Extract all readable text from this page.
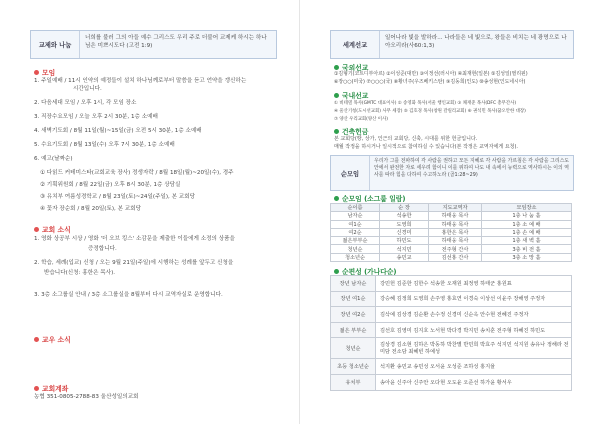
교제와 나눔
너희를 불러 그의 아들 예수 그리스도 우리 주로 더불어 교제케 하시는 하나님은 미쁘시도다 (고전 1:9)
모임
1. 주일예배 / 11시 인약의 예정들이 설치 하나님께로부터 말씀을 듣고 언약을 갱신하는
시간입니다.
2. 다음세대 모임 / 오후 1시, 각 모임 장소
3. 직장수요모임 / 오늘 오후 2시 30분, 1층 소예배
4. 새벽기도회 / 8월 11일(월)~15일(금) 오전 5시 30분, 1층 소예배
5. 수요기도회 / 8월 13일(수) 오후 7시 30분, 1층 소예배
6. 예고(날짜순)
① 다읽드 커테미스타(교회교육 장사) 정생자락 / 8월 18일(월)~20일(수), 경주
② 기획위원회 / 8월 22일(금) 오후 8시 30분, 1층 상담실
③ 유치부 여름성경학교 / 8월 23일(토)~24일(주일), 본 교회당
④ 꽃자 장순회 / 8월 20일(토), 본 교회당
교회 소식
1. 영화 상공부 시상 / 영화 '더 오브 킹스' 소감문을 제출한 이들에게 소정의 상품을
증정합니다.
2. 학습, 세례(입교) 신청 / 오는 9월 21일(주일)에 시행하는 성례를 앞두고 신청을
받습니다(신청: 홍한은 목사).
3. 3층 소그룹실 안내 / 3층 소그룹실을 8월부터 다시 교역자실로 운영합니다.
교우 소식
교회계좌
농협 351-0805-2788-83 울산성일의교회
세계선교
일어나라 빛을 발하라... 나라들은 네 빛으로, 왕들은 비치는 네 광명으로 나아오리라(사60:1,3)
국외선교
①김형기(코트디부아르) ②이성준(대만) ③이정선(러시아) ④최재현(일본) ⑤김성일(필리핀)
⑥장○○(미국) ⑦○○○(국) ⑧황녀주(우즈베키스탄) ⑨김동희(인도) ⑩송성현(인도네시아)
국내선교
① 비테델 목사(GMTC 대표이사) ② 송영화 목사(서울 행인교회) ③ 채재준 목사(DFC 총무간사)
④ 울산기청(도시선교회) 사무 세장) ⑤ 김호경 목사(창원 갈릴리교회) ⑥ 권석민 목사(꿈오안한 대장)
⑦ 양산 우리교회(양산 이사)
건축헌금
본 교회당(땅, 상가, 인근의 교회당, 신축, 시대를 위한 헌금입니다.
매월 작정을 하시거나 일시적으로 참여하실 수 있습니다(본 작정은 교역자에게 요청).
순모임
우리가 그를 전파하여 각 사람을 권하고 모든 지혜로 각 사람을 가르침은 각 사람을 그리스도 안에서 완전한 자로 세우려 함이니 이를 위하여 나도 내 속에서 능력으로 역사하시는 이의 역사를 따라 힘을 다하여 수고하노라 (골1:28~29)
순모임 (소그룹 일람)
순이름	순 장	지도교역자	모임장소
남자순	석송한	하태웅 목사	1층 나 눔 홀
여1순	도영희	하태웅 목사	1층 소 예 배
여2순	신경미	홍한은 목사	1층 손 예 배
젊은부부순	하민도	하태웅 목사	1층 새 벽 홀
청년순	석지민	전주형 간사	3층 비 전 홀
청소년순	송민교	김선홍 간사	3층 소 망 홀
순편성 (가나다순)
장년 남자순	강민헌 김준한 김한수 석송한 오재원 최정영 하태군 홍원표
장년 여1순	강승혜 김정희 도영희 손주영 홍효연 이경숙 이상선 이윤주 장해영 주정자
장년 여2순	김삭예 김상경 김순환 손수정 신경미 신순옥 안수현 전혜진 주정자
젊은 부부순	김선호 김영미 김지호 노서현 박다경 박지민 송치훈 전주형 하혜진 하민도
청년순	김상경 김소현 김하은 박동하 박찬별 반민희 박효주 석지민 석지원 송유나 정해라 전미담 전소담 최혜빈 하예성
초등 청소년순	석지환 송민교 송민성 오서윤 오성준 조하성 홍지율
유치부	송아윤 신주아 신주안 오다현 오도윤 오준선 하가윤 황서우
